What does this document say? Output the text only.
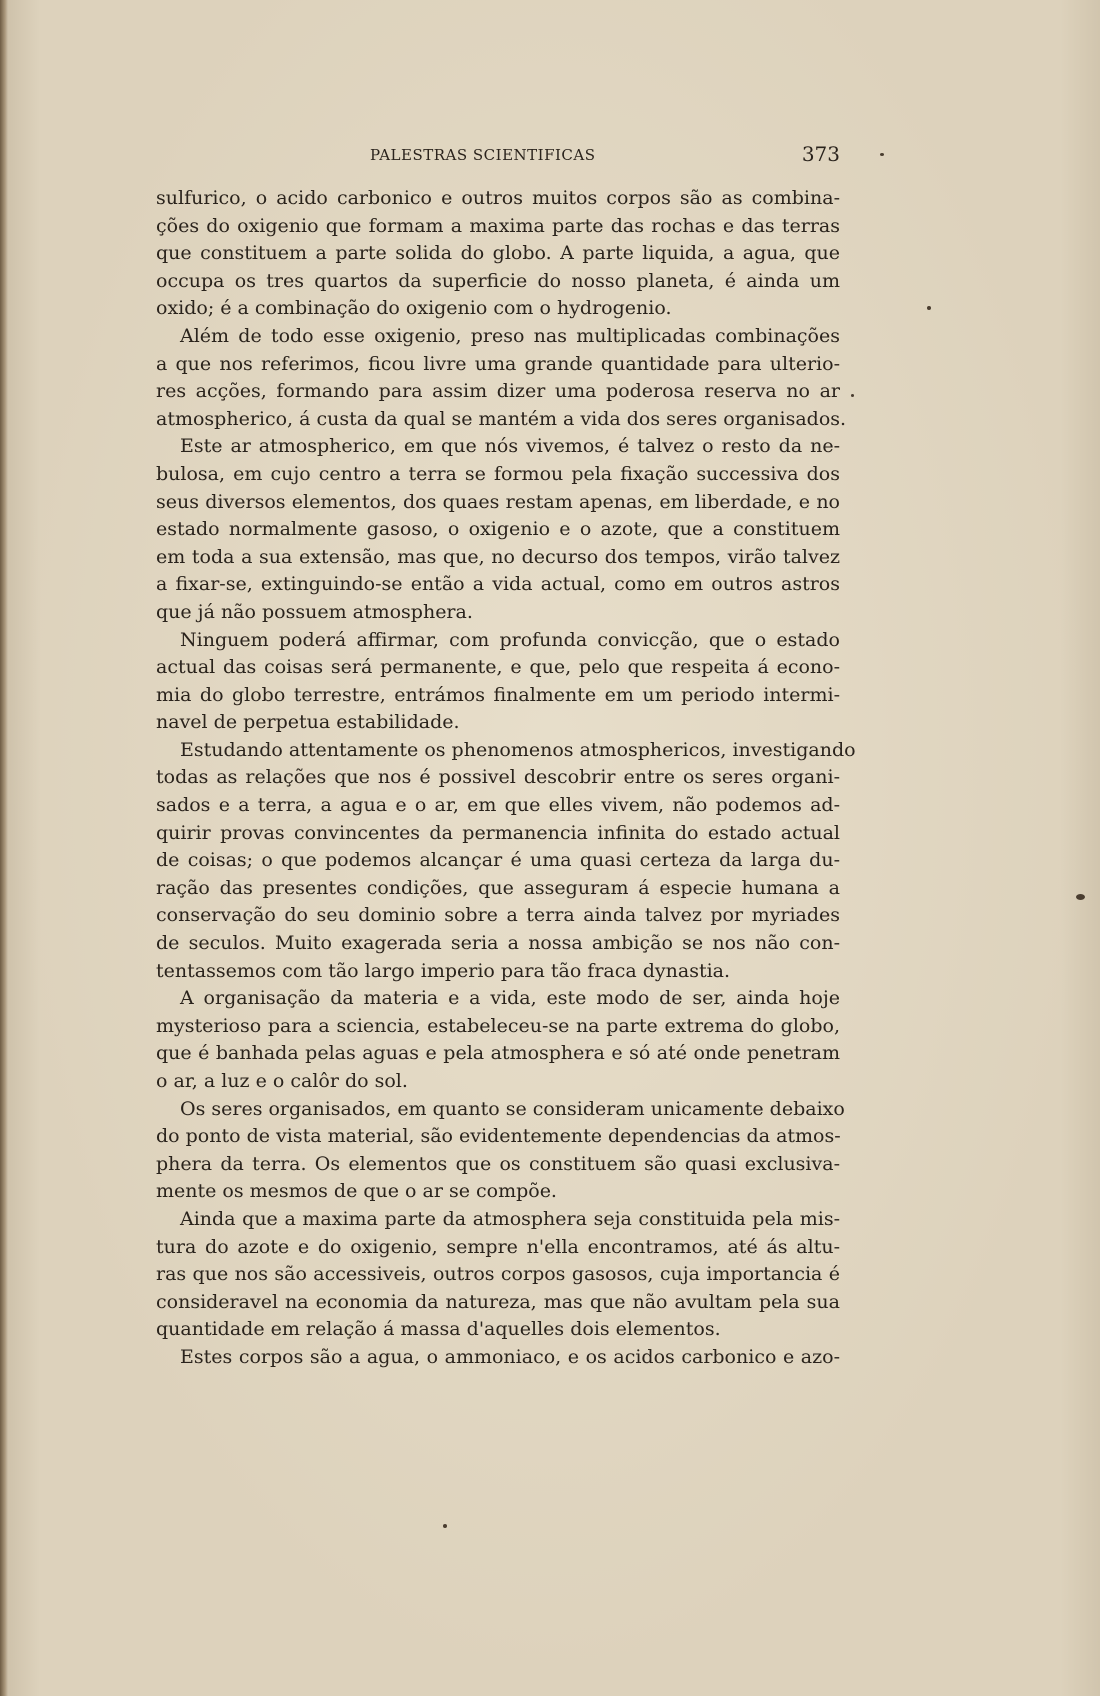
PALESTRAS SCIENTIFICAS	373
sulfurico, o acido carbonico e outros muitos corpos são as combina-
ções do oxigenio que formam a maxima parte das rochas e das terras
que constituem a parte solida do globo. A parte liquida, a agua, que
occupa os tres quartos da superficie do nosso planeta, é ainda um
oxido; é a combinação do oxigenio com o hydrogenio.
Além de todo esse oxigenio, preso nas multiplicadas combinações
a que nos referimos, ficou livre uma grande quantidade para ulterio-
res acções, formando para assim dizer uma poderosa reserva no ar
atmospherico, á custa da qual se mantém a vida dos seres organisados.
Este ar atmospherico, em que nós vivemos, é talvez o resto da ne-
bulosa, em cujo centro a terra se formou pela fixação successiva dos
seus diversos elementos, dos quaes restam apenas, em liberdade, e no
estado normalmente gasoso, o oxigenio e o azote, que a constituem
em toda a sua extensão, mas que, no decurso dos tempos, virão talvez
a fixar-se, extinguindo-se então a vida actual, como em outros astros
que já não possuem atmosphera.
Ninguem poderá affirmar, com profunda convicção, que o estado
actual das coisas será permanente, e que, pelo que respeita á econo-
mia do globo terrestre, entrámos finalmente em um periodo intermi-
navel de perpetua estabilidade.
Estudando attentamente os phenomenos atmosphericos, investigando
todas as relações que nos é possivel descobrir entre os seres organi-
sados e a terra, a agua e o ar, em que elles vivem, não podemos ad-
quirir provas convincentes da permanencia infinita do estado actual
de coisas; o que podemos alcançar é uma quasi certeza da larga du-
ração das presentes condições, que asseguram á especie humana a
conservação do seu dominio sobre a terra ainda talvez por myriades
de seculos. Muito exagerada seria a nossa ambição se nos não con-
tentassemos com tão largo imperio para tão fraca dynastia.
A organisação da materia e a vida, este modo de ser, ainda hoje
mysterioso para a sciencia, estabeleceu-se na parte extrema do globo,
que é banhada pelas aguas e pela atmosphera e só até onde penetram
o ar, a luz e o calôr do sol.
Os seres organisados, em quanto se consideram unicamente debaixo
do ponto de vista material, são evidentemente dependencias da atmos-
phera da terra. Os elementos que os constituem são quasi exclusiva-
mente os mesmos de que o ar se compõe.
Ainda que a maxima parte da atmosphera seja constituida pela mis-
tura do azote e do oxigenio, sempre n'ella encontramos, até ás altu-
ras que nos são accessiveis, outros corpos gasosos, cuja importancia é
consideravel na economia da natureza, mas que não avultam pela sua
quantidade em relação á massa d'aquelles dois elementos.
Estes corpos são a agua, o ammoniaco, e os acidos carbonico e azo-
